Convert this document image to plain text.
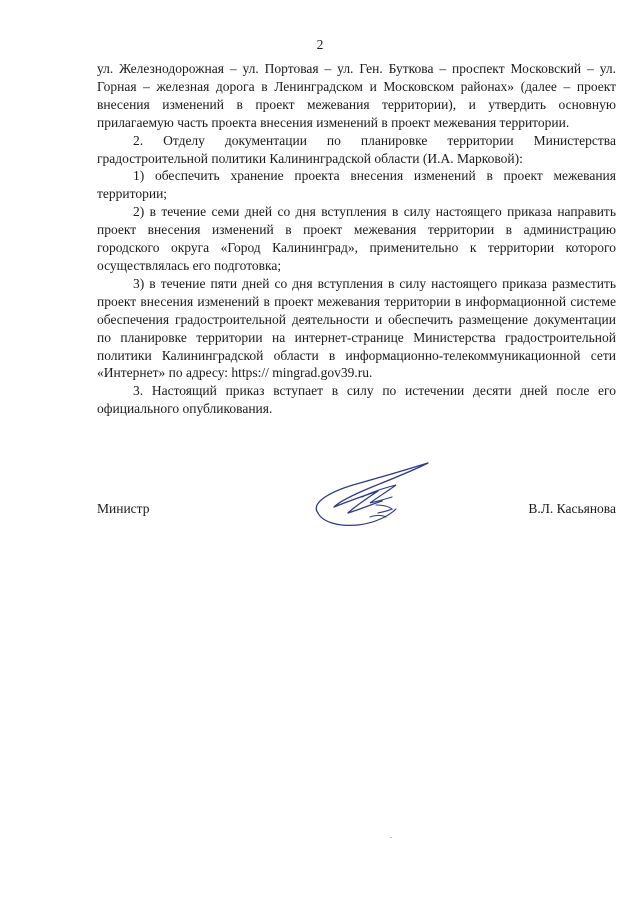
2

ул. Железнодорожная – ул. Портовая – ул. Ген. Буткова – проспект Московский – ул. Горная – железная дорога в Ленинградском и Московском районах» (далее – проект внесения изменений в проект межевания территории), и утвердить основную прилагаемую часть проекта внесения изменений в проект межевания территории.

2. Отделу документации по планировке территории Министерства градостроительной политики Калининградской области (И.А. Марковой):

1) обеспечить хранение проекта внесения изменений в проект межевания территории;

2) в течение семи дней со дня вступления в силу настоящего приказа направить проект внесения изменений в проект межевания территории в администрацию городского округа «Город Калининград», применительно к территории которого осуществлялась его подготовка;

3) в течение пяти дней со дня вступления в силу настоящего приказа разместить проект внесения изменений в проект межевания территории в информационной системе обеспечения градостроительной деятельности и обеспечить размещение документации по планировке территории на интернет-странице Министерства градостроительной политики Калининградской области в информационно-телекоммуникационной сети «Интернет» по адресу: https:// mingrad.gov39.ru.

3. Настоящий приказ вступает в силу по истечении десяти дней после его официального опубликования.

Министр	В.Л. Касьянова
